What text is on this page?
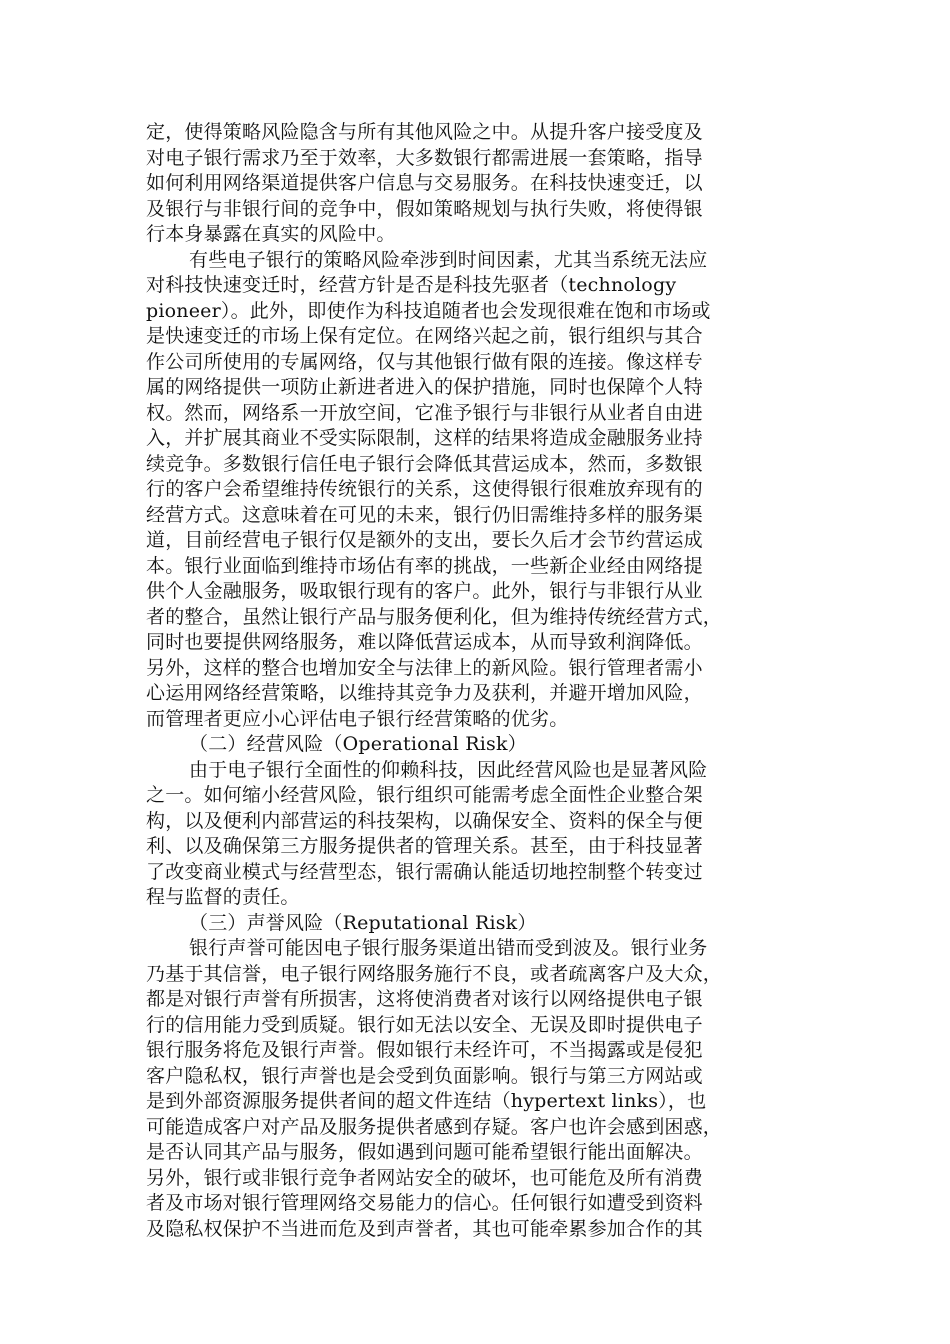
定，使得策略风险隐含与所有其他风险之中。从提升客户接受度及
对电子银行需求乃至于效率，大多数银行都需进展一套策略，指导
如何利用网络渠道提供客户信息与交易服务。在科技快速变迁，以
及银行与非银行间的竞争中，假如策略规划与执行失败，将使得银
行本身暴露在真实的风险中。
有些电子银行的策略风险牵涉到时间因素，尤其当系统无法应
对科技快速变迁时，经营方针是否是科技先驱者（technology
pioneer）。此外，即使作为科技追随者也会发现很难在饱和市场或
是快速变迁的市场上保有定位。在网络兴起之前，银行组织与其合
作公司所使用的专属网络，仅与其他银行做有限的连接。像这样专
属的网络提供一项防止新进者进入的保护措施，同时也保障个人特
权。然而，网络系一开放空间，它准予银行与非银行从业者自由进
入，并扩展其商业不受实际限制，这样的结果将造成金融服务业持
续竞争。多数银行信任电子银行会降低其营运成本，然而，多数银
行的客户会希望维持传统银行的关系，这使得银行很难放弃现有的
经营方式。这意味着在可见的未来，银行仍旧需维持多样的服务渠
道，目前经营电子银行仅是额外的支出，要长久后才会节约营运成
本。银行业面临到维持市场佔有率的挑战，一些新企业经由网络提
供个人金融服务，吸取银行现有的客户。此外，银行与非银行从业
者的整合，虽然让银行产品与服务便利化，但为维持传统经营方式，
同时也要提供网络服务，难以降低营运成本，从而导致利润降低。
另外，这样的整合也增加安全与法律上的新风险。银行管理者需小
心运用网络经营策略，以维持其竞争力及获利，并避开增加风险，
而管理者更应小心评估电子银行经营策略的优劣。
（二）经营风险（Operational Risk）
由于电子银行全面性的仰赖科技，因此经营风险也是显著风险
之一。如何缩小经营风险，银行组织可能需考虑全面性企业整合架
构，以及便利内部营运的科技架构，以确保安全、资料的保全与便
利、以及确保第三方服务提供者的管理关系。甚至，由于科技显著
了改变商业模式与经营型态，银行需确认能适切地控制整个转变过
程与监督的责任。
（三）声誉风险（Reputational Risk）
银行声誉可能因电子银行服务渠道出错而受到波及。银行业务
乃基于其信誉，电子银行网络服务施行不良，或者疏离客户及大众，
都是对银行声誉有所损害，这将使消费者对该行以网络提供电子银
行的信用能力受到质疑。银行如无法以安全、无误及即时提供电子
银行服务将危及银行声誉。假如银行未经许可，不当揭露或是侵犯
客户隐私权，银行声誉也是会受到负面影响。银行与第三方网站或
是到外部资源服务提供者间的超文件连结（hypertext links），也
可能造成客户对产品及服务提供者感到存疑。客户也许会感到困惑，
是否认同其产品与服务，假如遇到问题可能希望银行能出面解决。
另外，银行或非银行竞争者网站安全的破坏，也可能危及所有消费
者及市场对银行管理网络交易能力的信心。任何银行如遭受到资料
及隐私权保护不当进而危及到声誉者，其也可能牵累参加合作的其
